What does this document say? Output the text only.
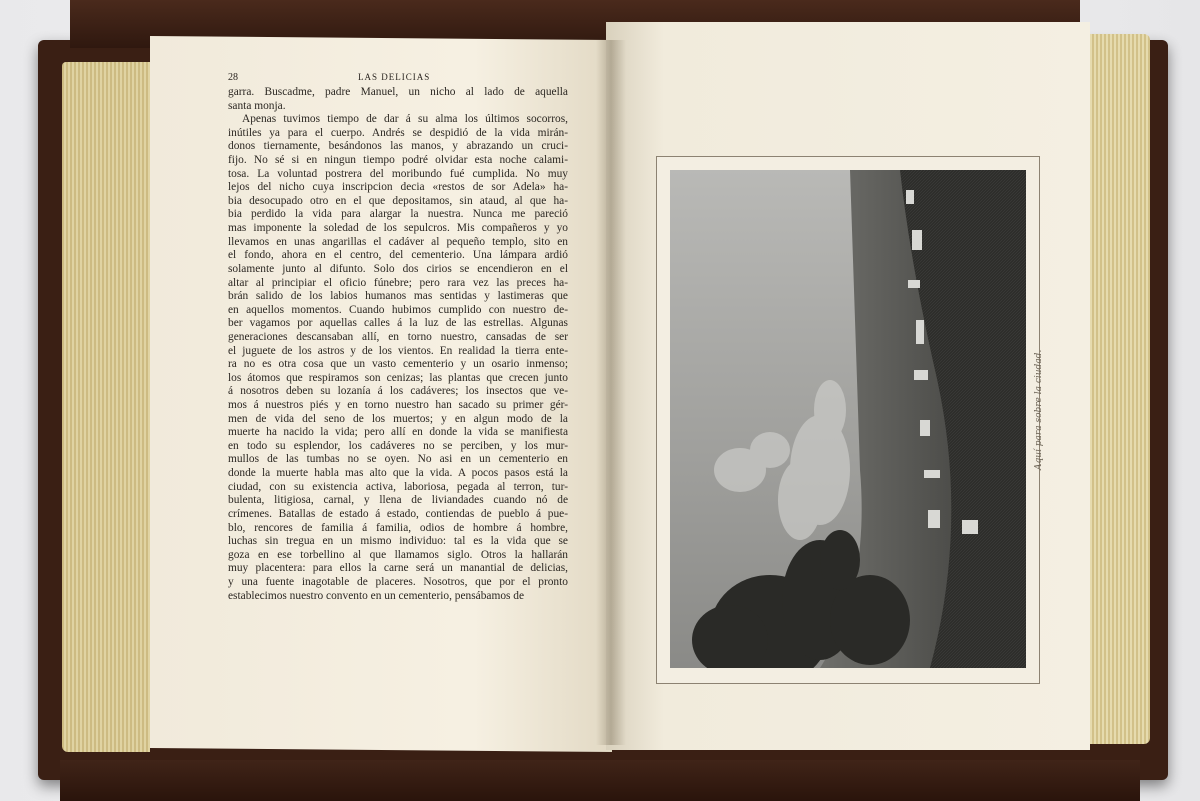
28	LAS DELICIAS
garra. Buscadme, padre Manuel, un nicho al lado de aquella
santa monja.
Apenas tuvimos tiempo de dar á su alma los últimos socorros,
inútiles ya para el cuerpo. Andrés se despidió de la vida mirán-
donos tiernamente, besándonos las manos, y abrazando un cruci-
fijo. No sé si en ningun tiempo podré olvidar esta noche calami-
tosa. La voluntad postrera del moribundo fué cumplida. No muy
lejos del nicho cuya inscripcion decia «restos de sor Adela» ha-
bia desocupado otro en el que depositamos, sin ataud, al que ha-
bia perdido la vida para alargar la nuestra. Nunca me pareció
mas imponente la soledad de los sepulcros. Mis compañeros y yo
llevamos en unas angarillas el cadáver al pequeño templo, sito en
el fondo, ahora en el centro, del cementerio. Una lámpara ardió
solamente junto al difunto. Solo dos cirios se encendieron en el
altar al principiar el oficio fúnebre; pero rara vez las preces ha-
brán salido de los labios humanos mas sentidas y lastimeras que
en aquellos momentos. Cuando hubimos cumplido con nuestro de-
ber vagamos por aquellas calles á la luz de las estrellas. Algunas
generaciones descansaban allí, en torno nuestro, cansadas de ser
el juguete de los astros y de los vientos. En realidad la tierra ente-
ra no es otra cosa que un vasto cementerio y un osario inmenso;
los átomos que respiramos son cenizas; las plantas que crecen junto
á nosotros deben su lozanía á los cadáveres; los insectos que ve-
mos á nuestros piés y en torno nuestro han sacado su primer gér-
men de vida del seno de los muertos; y en algun modo de la
muerte ha nacido la vida; pero allí en donde la vida se manifiesta
en todo su esplendor, los cadáveres no se perciben, y los mur-
mullos de las tumbas no se oyen. No asi en un cementerio en
donde la muerte habla mas alto que la vida. A pocos pasos está la
ciudad, con su existencia activa, laboriosa, pegada al terron, tur-
bulenta, litigiosa, carnal, y llena de liviandades cuando nó de
crímenes. Batallas de estado á estado, contiendas de pueblo á pue-
blo, rencores de familia á familia, odios de hombre á hombre,
luchas sin tregua en un mismo individuo: tal es la vida que se
goza en ese torbellino al que llamamos siglo. Otros la hallarán
muy placentera: para ellos la carne será un manantial de delicias,
y una fuente inagotable de placeres. Nosotros, que por el pronto
establecimos nuestro convento en un cementerio, pensábamos de
Aquí para sobre la ciudad.
